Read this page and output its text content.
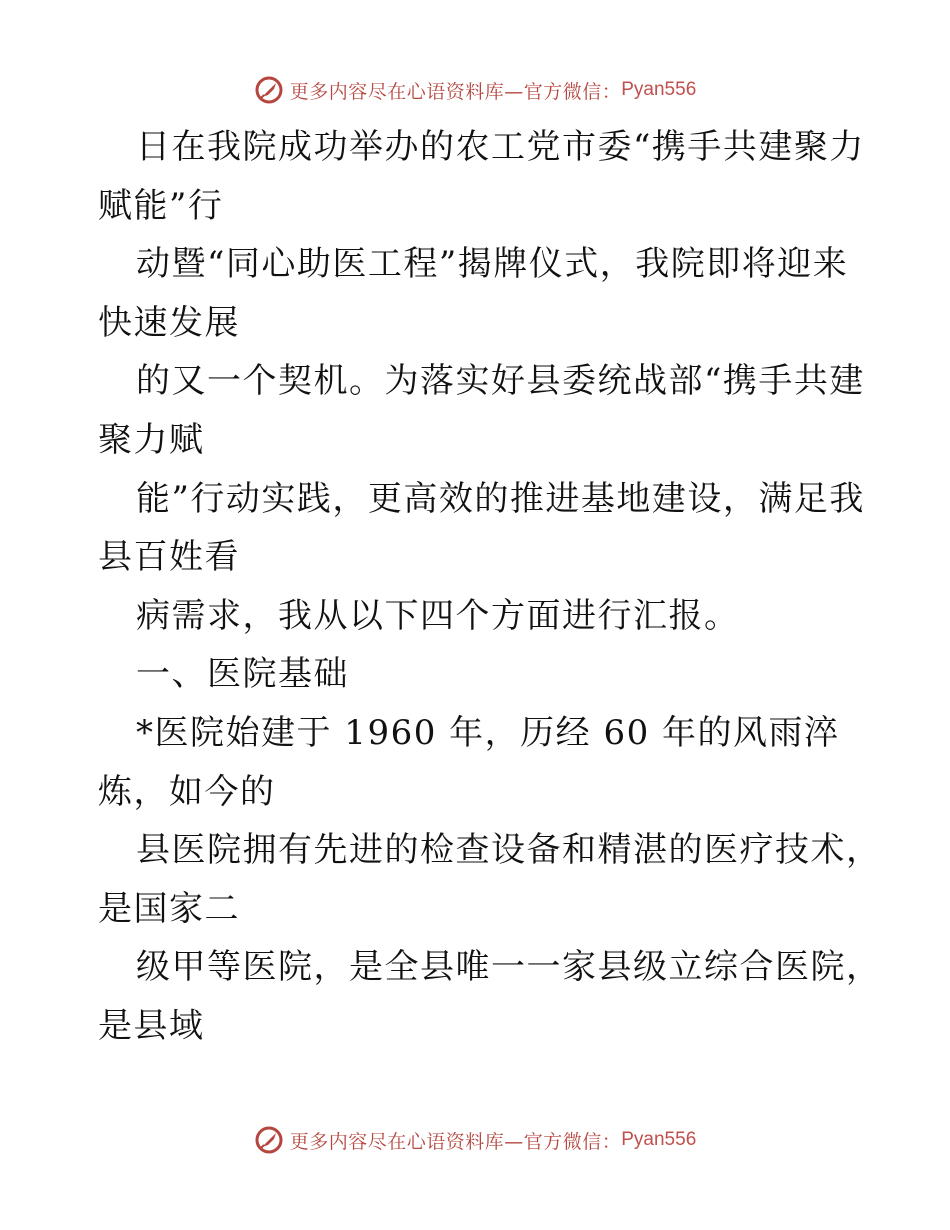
更多内容尽在心语资料库—官方微信： Pyan556
日在我院成功举办的农工党市委“携手共建聚力
赋能”行
动暨“同心助医工程”揭牌仪式，我院即将迎来
快速发展
的又一个契机。为落实好县委统战部“携手共建
聚力赋
能”行动实践，更高效的推进基地建设，满足我
县百姓看
病需求，我从以下四个方面进行汇报。
一、医院基础
*医院始建于 1960 年，历经 60 年的风雨淬
炼，如今的
县医院拥有先进的检查设备和精湛的医疗技术，
是国家二
级甲等医院，是全县唯一一家县级立综合医院，
是县域
更多内容尽在心语资料库—官方微信： Pyan556
